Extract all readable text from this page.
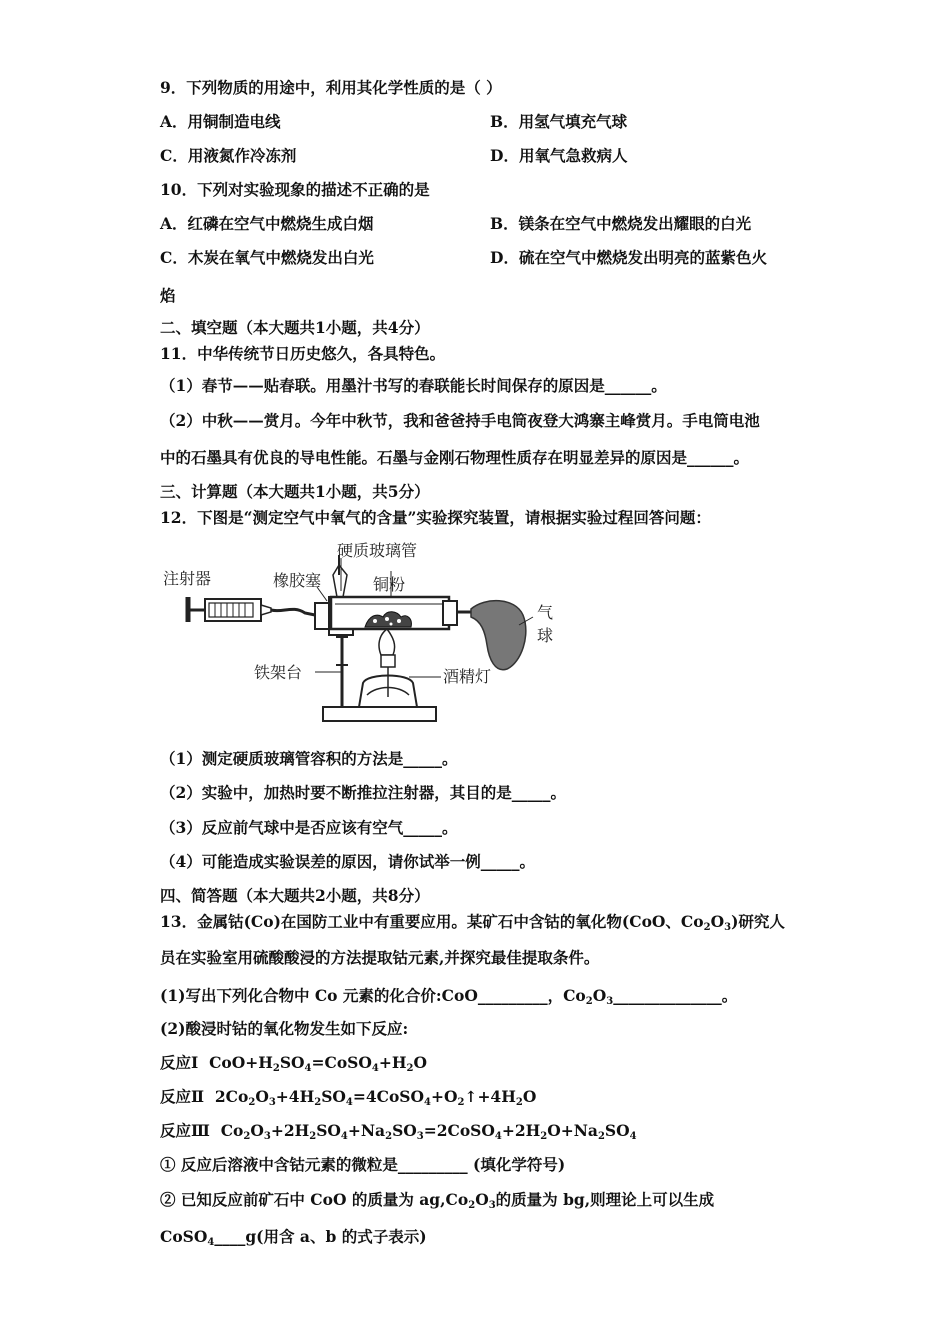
9．下列物质的用途中，利用其化学性质的是（ ）
A．用铜制造电线	B．用氢气填充气球
C．用液氮作冷冻剂	D．用氧气急救病人
10．下列对实验现象的描述不正确的是
A．红磷在空气中燃烧生成白烟	B．镁条在空气中燃烧发出耀眼的白光
C．木炭在氧气中燃烧发出白光	D．硫在空气中燃烧发出明亮的蓝紫色火
焰
二、填空题（本大题共1小题，共4分）
11．中华传统节日历史悠久，各具特色。
（1）春节——贴春联。用墨汁书写的春联能长时间保存的原因是______。
（2）中秋——赏月。今年中秋节，我和爸爸持手电筒夜登大鸿寨主峰赏月。手电筒电池
中的石墨具有优良的导电性能。石墨与金刚石物理性质存在明显差异的原因是______。
三、计算题（本大题共1小题，共5分）
12．下图是“测定空气中氧气的含量”实验探究装置，请根据实验过程回答问题：
注射器	橡胶塞
硬质玻璃管
铜粉
铁架台	酒精灯
气
球
（1）测定硬质玻璃管容积的方法是_____。
（2）实验中，加热时要不断推拉注射器，其目的是_____。
（3）反应前气球中是否应该有空气_____。
（4）可能造成实验误差的原因，请你试举一例_____。
四、简答题（本大题共2小题，共8分）
13．金属钴(Co)在国防工业中有重要应用。某矿石中含钴的氧化物(CoO、$Co_2O_3$)研究人
员在实验室用硫酸酸浸的方法提取钴元素,并探究最佳提取条件。
(1)写出下列化合物中 Co 元素的化合价:CoO_________，$Co_2O_3\_\_\_\_\_\_\_\_\_\_\_\_\_\_$。
(2)酸浸时钴的氧化物发生如下反应:
反应Ⅰ $CoO+H_2SO_4=CoSO_4+H_2O$
反应Ⅱ $2Co_2O_3+4H_2SO_4=4CoSO_4+O_2↑+4H_2O$
反应Ⅲ $Co_2O_3+2H_2SO_4+Na_2SO_3=2CoSO_4+2H_2O+Na_2SO_4$
① 反应后溶液中含钴元素的微粒是_________ (填化学符号)
② 已知反应前矿石中 CoO 的质量为 $ag,Co_2O_3$的质量为 bg,则理论上可以生成
CoSO$_4$____g(用含 a、b 的式子表示)
